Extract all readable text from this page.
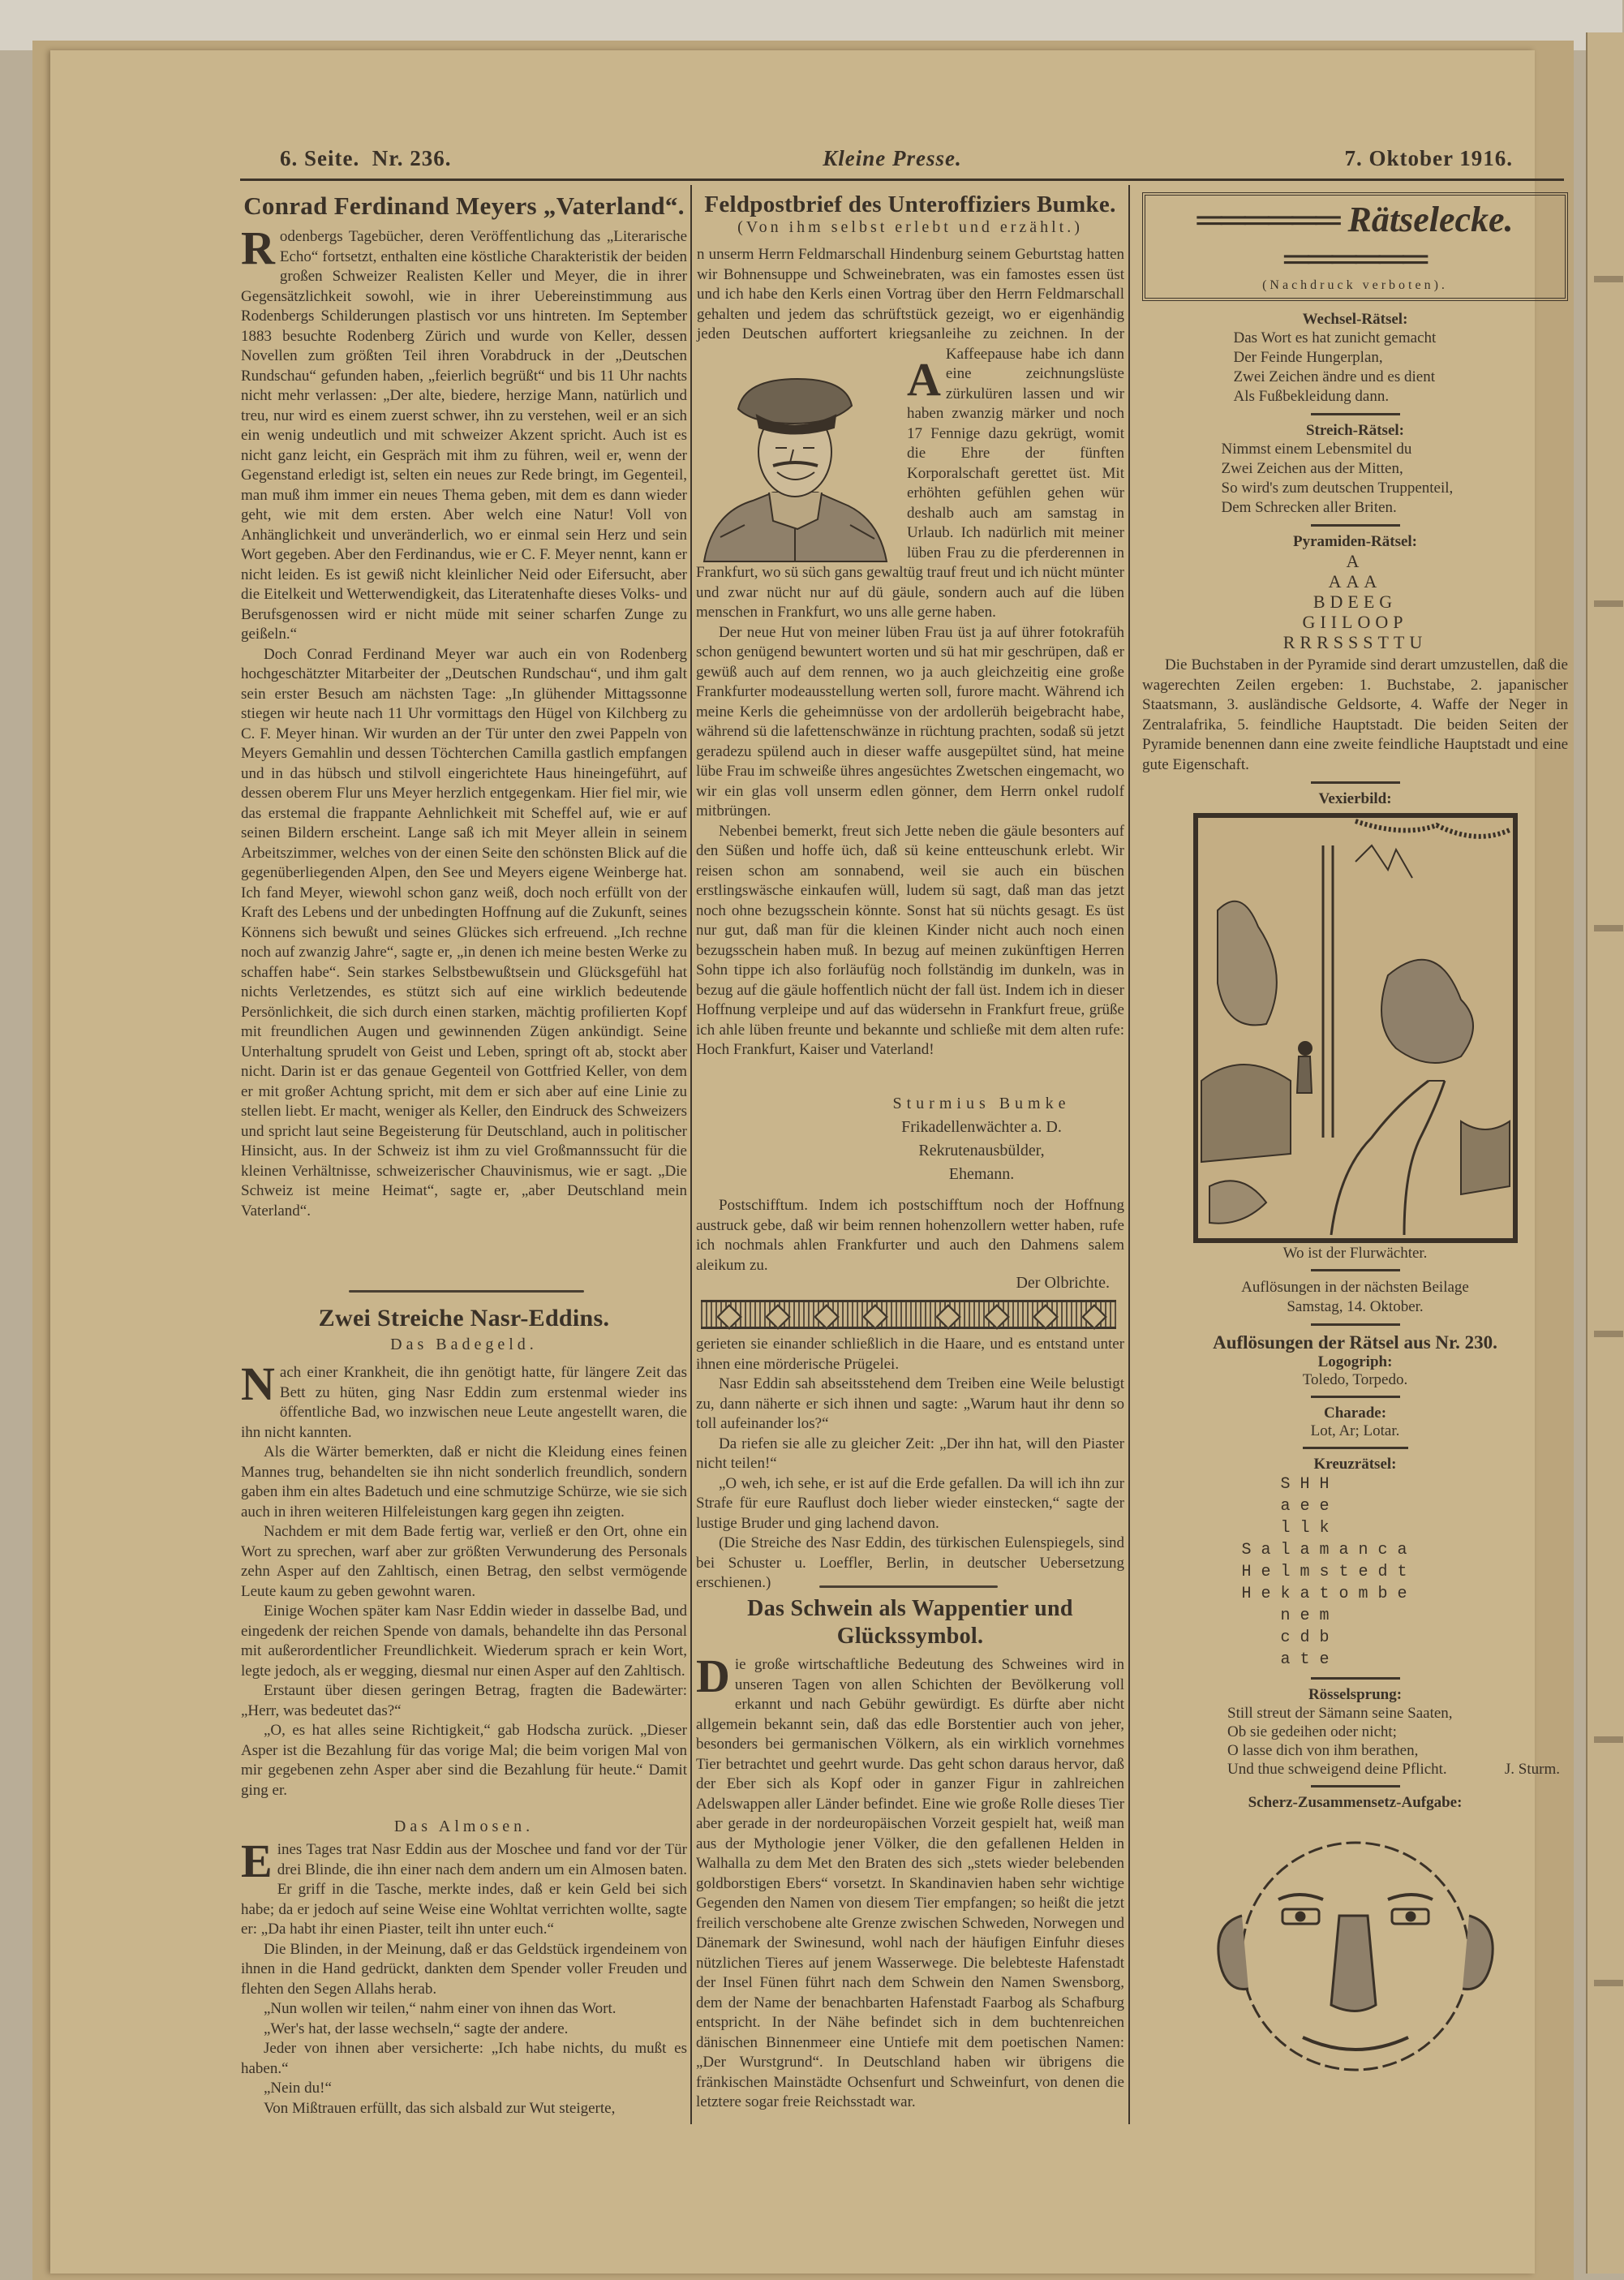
6. Seite. Nr. 236.	Kleine Presse.	7. Oktober 1916.
Conrad Ferdinand Meyers „Vaterland“.

Rodenbergs Tagebücher, deren Veröffentlichung das „Literarische Echo“ fortsetzt, enthalten eine köstliche Charakteristik der beiden großen Schweizer Realisten Keller und Meyer, die in ihrer Gegensätzlichkeit sowohl, wie in ihrer Uebereinstimmung aus Rodenbergs Schilderungen plastisch vor uns hintreten. Im September 1883 besuchte Rodenberg Zürich und wurde von Keller, dessen Novellen zum größten Teil ihren Vorabdruck in der „Deutschen Rundschau“ gefunden haben, „feierlich begrüßt“ und bis 11 Uhr nachts nicht mehr verlassen: „Der alte, biedere, herzige Mann, natürlich und treu, nur wird es einem zuerst schwer, ihn zu verstehen, weil er an sich ein wenig undeutlich und mit schweizer Akzent spricht. Auch ist es nicht ganz leicht, ein Gespräch mit ihm zu führen, weil er, wenn der Gegenstand erledigt ist, selten ein neues zur Rede bringt, im Gegenteil, man muß ihm immer ein neues Thema geben, mit dem es dann wieder geht, wie mit dem ersten. Aber welch eine Natur! Voll von Anhänglichkeit und unveränderlich, wo er einmal sein Herz und sein Wort gegeben. Aber den Ferdinandus, wie er C. F. Meyer nennt, kann er nicht leiden. Es ist gewiß nicht kleinlicher Neid oder Eifersucht, aber die Eitelkeit und Wetterwendigkeit, das Literatenhafte dieses Volks- und Berufsgenossen wird er nicht müde mit seiner scharfen Zunge zu geißeln.“

Doch Conrad Ferdinand Meyer war auch ein von Rodenberg hochgeschätzter Mitarbeiter der „Deutschen Rundschau“, und ihm galt sein erster Besuch am nächsten Tage: „In glühender Mittagssonne stiegen wir heute nach 11 Uhr vormittags den Hügel von Kilchberg zu C. F. Meyer hinan. Wir wurden an der Tür unter den zwei Pappeln von Meyers Gemahlin und dessen Töchterchen Camilla gastlich empfangen und in das hübsch und stilvoll eingerichtete Haus hineingeführt, auf dessen oberem Flur uns Meyer herzlich entgegenkam. Hier fiel mir, wie das erstemal die frappante Aehnlichkeit mit Scheffel auf, wie er auf seinen Bildern erscheint. Lange saß ich mit Meyer allein in seinem Arbeitszimmer, welches von der einen Seite den schönsten Blick auf die gegenüberliegenden Alpen, den See und Meyers eigene Weinberge hat. Ich fand Meyer, wiewohl schon ganz weiß, doch noch erfüllt von der Kraft des Lebens und der unbedingten Hoffnung auf die Zukunft, seines Könnens sich bewußt und seines Glückes sich erfreuend. „Ich rechne noch auf zwanzig Jahre“, sagte er, „in denen ich meine besten Werke zu schaffen habe“. Sein starkes Selbstbewußtsein und Glücksgefühl hat nichts Verletzendes, es stützt sich auf eine wirklich bedeutende Persönlichkeit, die sich durch einen starken, mächtig profilierten Kopf mit freundlichen Augen und gewinnenden Zügen ankündigt. Seine Unterhaltung sprudelt von Geist und Leben, springt oft ab, stockt aber nicht. Darin ist er das genaue Gegenteil von Gottfried Keller, von dem er mit großer Achtung spricht, mit dem er sich aber auf eine Linie zu stellen liebt. Er macht, weniger als Keller, den Eindruck des Schweizers und spricht laut seine Begeisterung für Deutschland, auch in politischer Hinsicht, aus. In der Schweiz ist ihm zu viel Großmannssucht für die kleinen Verhältnisse, schweizerischer Chauvinismus, wie er sagt. „Die Schweiz ist meine Heimat“, sagte er, „aber Deutschland mein Vaterland“.

Zwei Streiche Nasr-Eddins.
Das Badegeld.

Nach einer Krankheit, die ihn genötigt hatte, für längere Zeit das Bett zu hüten, ging Nasr Eddin zum erstenmal wieder ins öffentliche Bad, wo inzwischen neue Leute angestellt waren, die ihn nicht kannten.

Als die Wärter bemerkten, daß er nicht die Kleidung eines feinen Mannes trug, behandelten sie ihn nicht sonderlich freundlich, sondern gaben ihm ein altes Badetuch und eine schmutzige Schürze, wie sie sich auch in ihren weiteren Hilfeleistungen karg gegen ihn zeigten.

Nachdem er mit dem Bade fertig war, verließ er den Ort, ohne ein Wort zu sprechen, warf aber zur größten Verwunderung des Personals zehn Asper auf den Zahltisch, einen Betrag, den selbst vermögende Leute kaum zu geben gewohnt waren.

Einige Wochen später kam Nasr Eddin wieder in dasselbe Bad, und eingedenk der reichen Spende von damals, behandelte ihn das Personal mit außerordentlicher Freundlichkeit. Wiederum sprach er kein Wort, legte jedoch, als er wegging, diesmal nur einen Asper auf den Zahltisch.

Erstaunt über diesen geringen Betrag, fragten die Badewärter: „Herr, was bedeutet das?“

„O, es hat alles seine Richtigkeit,“ gab Hodscha zurück. „Dieser Asper ist die Bezahlung für das vorige Mal; die beim vorigen Mal von mir gegebenen zehn Asper aber sind die Bezahlung für heute.“ Damit ging er.

Das Almosen.

Eines Tages trat Nasr Eddin aus der Moschee und fand vor der Tür drei Blinde, die ihn einer nach dem andern um ein Almosen baten. Er griff in die Tasche, merkte indes, daß er kein Geld bei sich habe; da er jedoch auf seine Weise eine Wohltat verrichten wollte, sagte er: „Da habt ihr einen Piaster, teilt ihn unter euch.“

Die Blinden, in der Meinung, daß er das Geldstück irgendeinem von ihnen in die Hand gedrückt, dankten dem Spender voller Freuden und flehten den Segen Allahs herab.

„Nun wollen wir teilen,“ nahm einer von ihnen das Wort.

„Wer's hat, der lasse wechseln,“ sagte der andere.

Jeder von ihnen aber versicherte: „Ich habe nichts, du mußt es haben.“

„Nein du!“

Von Mißtrauen erfüllt, das sich alsbald zur Wut steigerte,

Feldpostbrief des Unteroffiziers Bumke.
(Von ihm selbst erlebt und erzählt.)

An unserm Herrn Feldmarschall Hindenburg seinem Geburtstag hatten wir Bohnensuppe und Schweinebraten, was ein famostes essen üst und ich habe den Kerls einen Vortrag über den Herrn Feldmarschall gehalten und jedem das schrüftstück gezeigt, wo er eigenhändig jeden Deutschen auffortert kriegsanleihe zu zeichnen. In der Kaffeepause habe ich dann eine zeichnungslüste zürkulüren lassen und wir haben zwanzig märker und noch 17 Fennige dazu gekrügt, womit die Ehre der fünften Korporalschaft gerettet üst. Mit erhöhten gefühlen gehen wür deshalb auch am samstag in Urlaub. Ich nadürlich mit meiner lüben Frau zu die pferderennen in Frankfurt, wo sü süch gans gewaltüg trauf freut und ich nücht münter und zwar nücht nur auf dü gäule, sondern auch auf die lüben menschen in Frankfurt, wo uns alle gerne haben.

Der neue Hut von meiner lüben Frau üst ja auf ührer fotokrafüh schon genügend bewuntert worten und sü hat mir geschrüpen, daß er gewüß auch auf dem rennen, wo ja auch gleichzeitig eine große Frankfurter modeausstellung werten soll, furore macht. Während ich meine Kerls die geheimnüsse von der ardollerüh beigebracht habe, während sü die lafettenschwänze in rüchtung prachten, sodaß sü jetzt geradezu spülend auch in dieser waffe ausgepültet sünd, hat meine lübe Frau im schweiße ühres angesüchtes Zwetschen eingemacht, wo wir ein glas voll unserm edlen gönner, dem Herrn onkel rudolf mitbrüngen.

Nebenbei bemerkt, freut sich Jette neben die gäule besonters auf den Süßen und hoffe üch, daß sü keine entteuschunk erlebt. Wir reisen schon am sonnabend, weil sie auch ein büschen erstlingswäsche einkaufen wüll, ludem sü sagt, daß man das jetzt noch ohne bezugsschein könnte. Sonst hat sü nüchts gesagt. Es üst nur gut, daß man für die kleinen Kinder nicht auch noch einen bezugsschein haben muß. In bezug auf meinen zukünftigen Herren Sohn tippe ich also forläufüg noch follständig im dunkeln, was in bezug auf die gäule hoffentlich nücht der fall üst. Indem ich in dieser Hoffnung verpleipe und auf das wüdersehn in Frankfurt freue, grüße ich ahle lüben freunte und bekannte und schließe mit dem alten rufe: Hoch Frankfurt, Kaiser und Vaterland!

Sturmius Bumke
Frikadellenwächter a. D.
Rekrutenausbülder,
Ehemann.

Postschifftum. Indem ich postschifftum noch der Hoffnung austruck gebe, daß wir beim rennen hohenzollern wetter haben, rufe ich nochmals ahlen Frankfurter und auch den Dahmens salem aleikum zu.

Der Olbrichte.

gerieten sie einander schließlich in die Haare, und es entstand unter ihnen eine mörderische Prügelei.

Nasr Eddin sah abseitsstehend dem Treiben eine Weile belustigt zu, dann näherte er sich ihnen und sagte: „Warum haut ihr denn so toll aufeinander los?“

Da riefen sie alle zu gleicher Zeit: „Der ihn hat, will den Piaster nicht teilen!“

„O weh, ich sehe, er ist auf die Erde gefallen. Da will ich ihn zur Strafe für eure Rauflust doch lieber wieder einstecken,“ sagte der lustige Bruder und ging lachend davon.

(Die Streiche des Nasr Eddin, des türkischen Eulenspiegels, sind bei Schuster u. Loeffler, Berlin, in deutscher Uebersetzung erschienen.)

Das Schwein als Wappentier und
Glückssymbol.

Die große wirtschaftliche Bedeutung des Schweines wird in unseren Tagen von allen Schichten der Bevölkerung voll erkannt und nach Gebühr gewürdigt. Es dürfte aber nicht allgemein bekannt sein, daß das edle Borstentier auch von jeher, besonders bei germanischen Völkern, als ein wirklich vornehmes Tier betrachtet und geehrt wurde. Das geht schon daraus hervor, daß der Eber sich als Kopf oder in ganzer Figur in zahlreichen Adelswappen aller Länder befindet. Eine wie große Rolle dieses Tier aber gerade in der nordeuropäischen Vorzeit gespielt hat, weiß man aus der Mythologie jener Völker, die den gefallenen Helden in Walhalla zu dem Met den Braten des sich „stets wieder belebenden goldborstigen Ebers“ vorsetzt. In Skandinavien haben sehr wichtige Gegenden den Namen von diesem Tier empfangen; so heißt die jetzt freilich verschobene alte Grenze zwischen Schweden, Norwegen und Dänemark der Swinesund, wohl nach der häufigen Einfuhr dieses nützlichen Tieres auf jenem Wasserwege. Die belebteste Hafenstadt der Insel Fünen führt nach dem Schwein den Namen Swensborg, dem der Name der benachbarten Hafenstadt Faarbog als Schafburg entspricht. In der Nähe befindet sich in dem buchtenreichen dänischen Binnenmeer eine Untiefe mit dem poetischen Namen: „Der Wurstgrund“. In Deutschland haben wir übrigens die fränkischen Mainstädte Ochsenfurt und Schweinfurt, von denen die letztere sogar freie Reichsstadt war.

══════ Rätselecke. ══════
(Nachdruck verboten).
Wechsel-Rätsel:
Das Wort es hat zunicht gemacht
Der Feinde Hungerplan,
Zwei Zeichen ändre und es dient
Als Fußbekleidung dann.
Streich-Rätsel:
Nimmst einem Lebensmitel du
Zwei Zeichen aus der Mitten,
So wird's zum deutschen Truppenteil,
Dem Schrecken aller Briten.
Pyramiden-Rätsel:
A
AAA
BDEEG
GIILOOP
RRRSSSTTU

Die Buchstaben in der Pyramide sind derart umzustellen, daß die wagerechten Zeilen ergeben: 1. Buchstabe, 2. japanischer Staatsmann, 3. ausländische Geldsorte, 4. Waffe der Neger in Zentralafrika, 5. feindliche Hauptstadt. Die beiden Seiten der Pyramide benennen dann eine zweite feindliche Hauptstadt und eine gute Eigenschaft.

Vexierbild:
Wo ist der Flurwächter.
Auflösungen in der nächsten Beilage
Samstag, 14. Oktober.
Auflösungen der Rätsel aus Nr. 230.
Logogriph:
Toledo, Torpedo.
Charade:
Lot, Ar; Lotar.
Kreuzrätsel:
S H H
a e e
l l k
S a l a m a n c a
H e l m s t e d t
H e k a t o m b e
n e m
c d b
a t e
Rösselsprung:
Still streut der Sämann seine Saaten,
Ob sie gedeihen oder nicht;
O lasse dich von ihm berathen,
Und thue schweigend deine Pflicht.	J. Sturm.
Scherz-Zusammensetz-Aufgabe:
